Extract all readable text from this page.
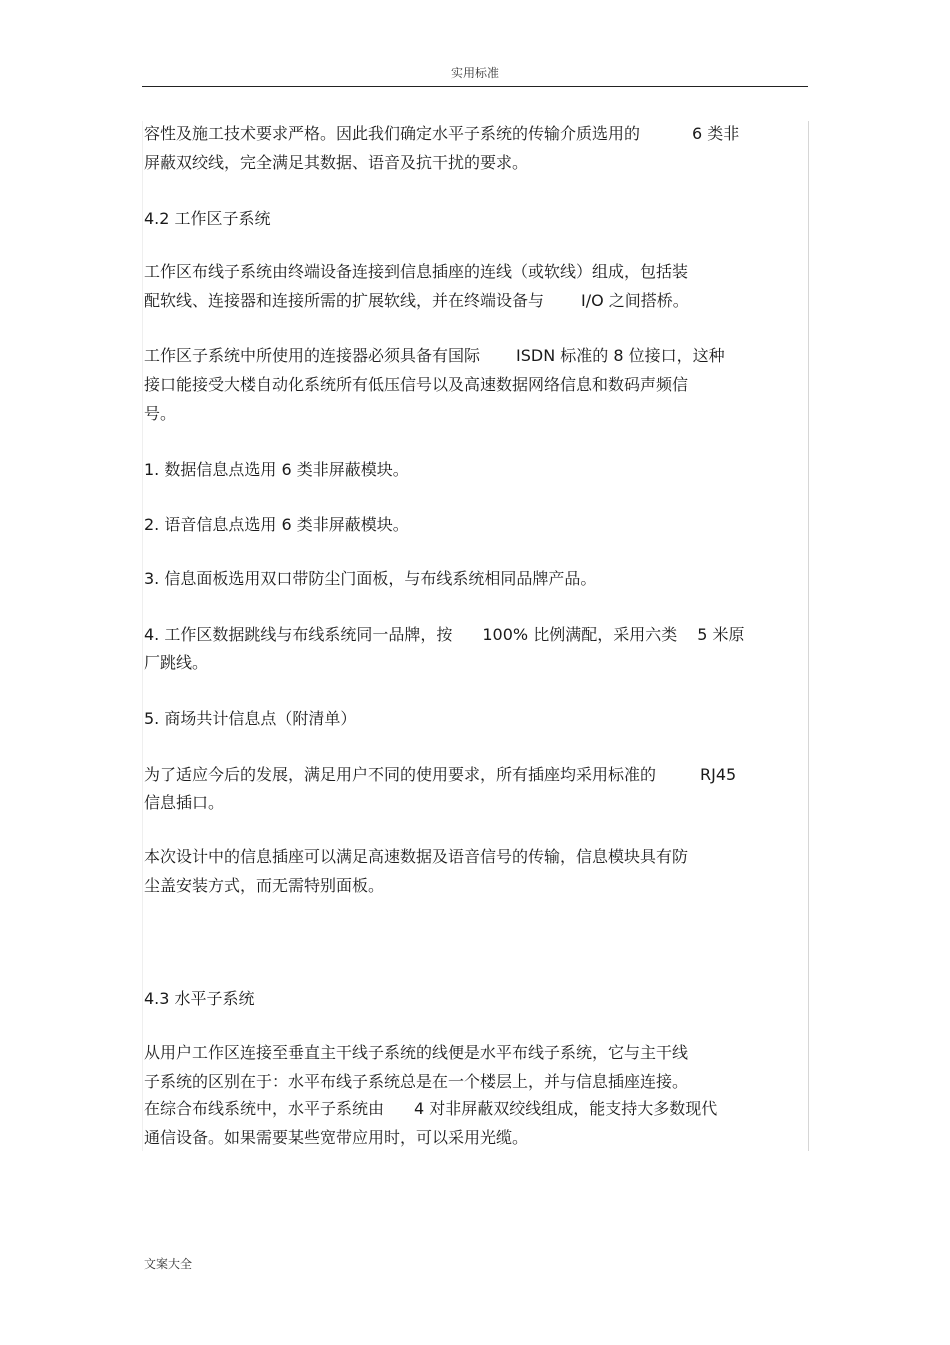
实用标准
容性及施工技术要求严格。因此我们确定水平子系统的传输介质选用的	6 类非
屏蔽双绞线，完全满足其数据、语音及抗干扰的要求。
4.2 工作区子系统
工作区布线子系统由终端设备连接到信息插座的连线（或软线）组成，包括装
配软线、连接器和连接所需的扩展软线，并在终端设备与 I/O 之间搭桥。
工作区子系统中所使用的连接器必须具备有国际 ISDN 标准的 8 位接口，这种
接口能接受大楼自动化系统所有低压信号以及高速数据网络信息和数码声频信
号。
1. 数据信息点选用 6 类非屏蔽模块。
2. 语音信息点选用 6 类非屏蔽模块。
3. 信息面板选用双口带防尘门面板，与布线系统相同品牌产品。
4. 工作区数据跳线与布线系统同一品牌，按 100% 比例满配，采用六类 5 米原
厂跳线。
5. 商场共计信息点（附清单）
为了适应今后的发展，满足用户不同的使用要求，所有插座均采用标准的	RJ45
信息插口。
本次设计中的信息插座可以满足高速数据及语音信号的传输，信息模块具有防
尘盖安装方式，而无需特别面板。
4.3 水平子系统
从用户工作区连接至垂直主干线子系统的线便是水平布线子系统，它与主干线
子系统的区别在于：水平布线子系统总是在一个楼层上，并与信息插座连接。
在综合布线系统中，水平子系统由 4 对非屏蔽双绞线组成，能支持大多数现代
通信设备。如果需要某些宽带应用时，可以采用光缆。
文案大全
